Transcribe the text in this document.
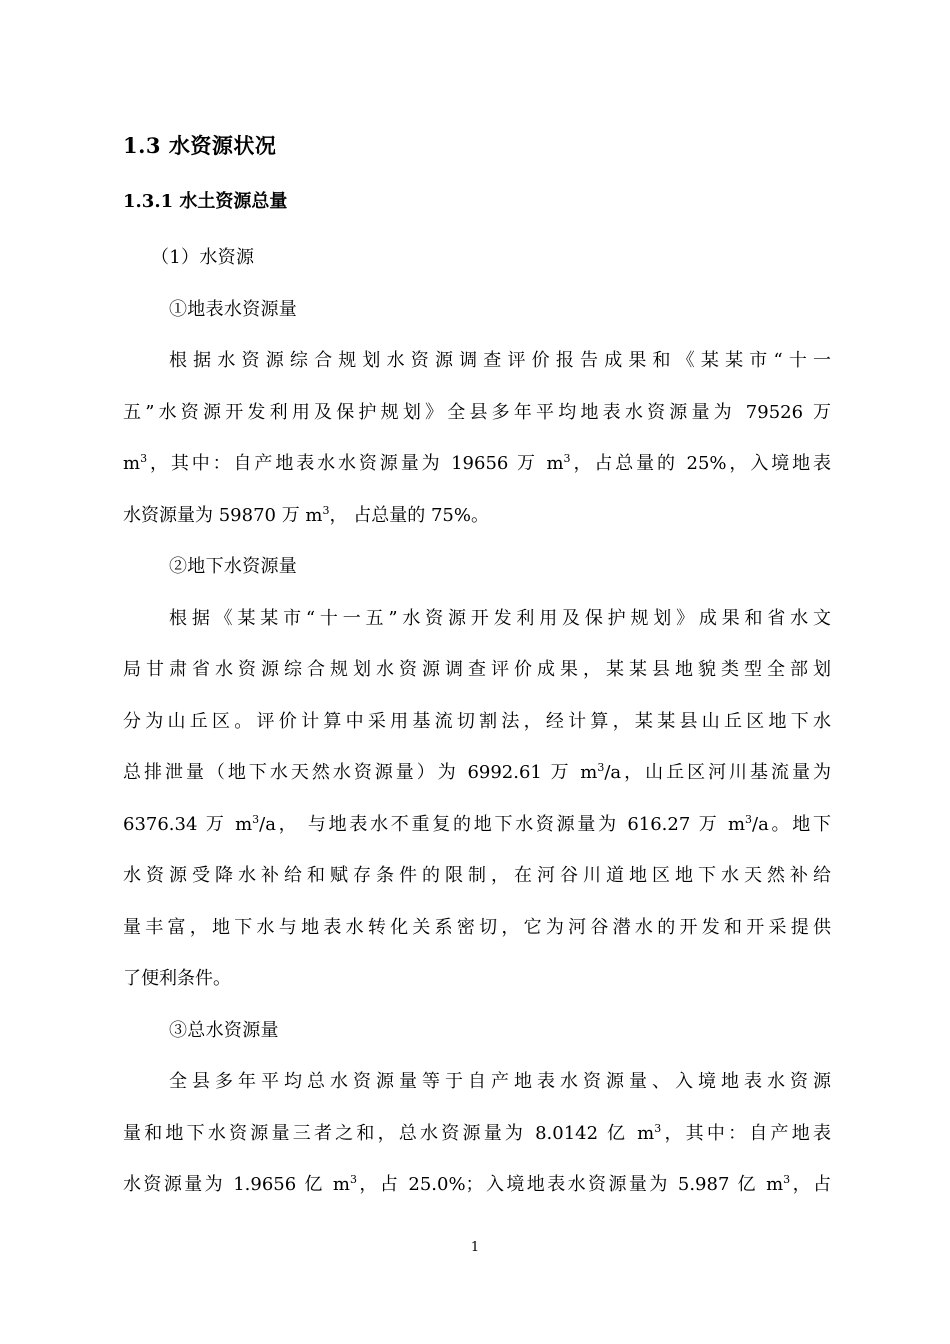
1.3 水资源状况
1.3.1 水土资源总量
（1）水资源
①地表水资源量
根据水资源综合规划水资源调查评价报告成果和《某某市“十一
五”水资源开发利用及保护规划》全县多年平均地表水资源量为 79526 万
$m^3$，其中：自产地表水水资源量为 19656 万 $m^3$，占总量的 25%，入境地表
水资源量为 59870 万 $m^3$， 占总量的 75%。
②地下水资源量
根据《某某市“十一五”水资源开发利用及保护规划》成果和省水文
局甘肃省水资源综合规划水资源调查评价成果，某某县地貌类型全部划
分为山丘区。评价计算中采用基流切割法，经计算，某某县山丘区地下水
总排泄量（地下水天然水资源量）为 6992.61 万 $m^3/a$，山丘区河川基流量为
6376.34 万 $m^3/a$， 与地表水不重复的地下水资源量为 616.27 万 $m^3/a$。地下
水资源受降水补给和赋存条件的限制，在河谷川道地区地下水天然补给
量丰富，地下水与地表水转化关系密切，它为河谷潜水的开发和开采提供
了便利条件。
③总水资源量
全县多年平均总水资源量等于自产地表水资源量、入境地表水资源
量和地下水资源量三者之和，总水资源量为 8.0142 亿 $m^3$，其中：自产地表
水资源量为 1.9656 亿 $m^3$，占 25.0%；入境地表水资源量为 5.987 亿 $m^3$，占
1
